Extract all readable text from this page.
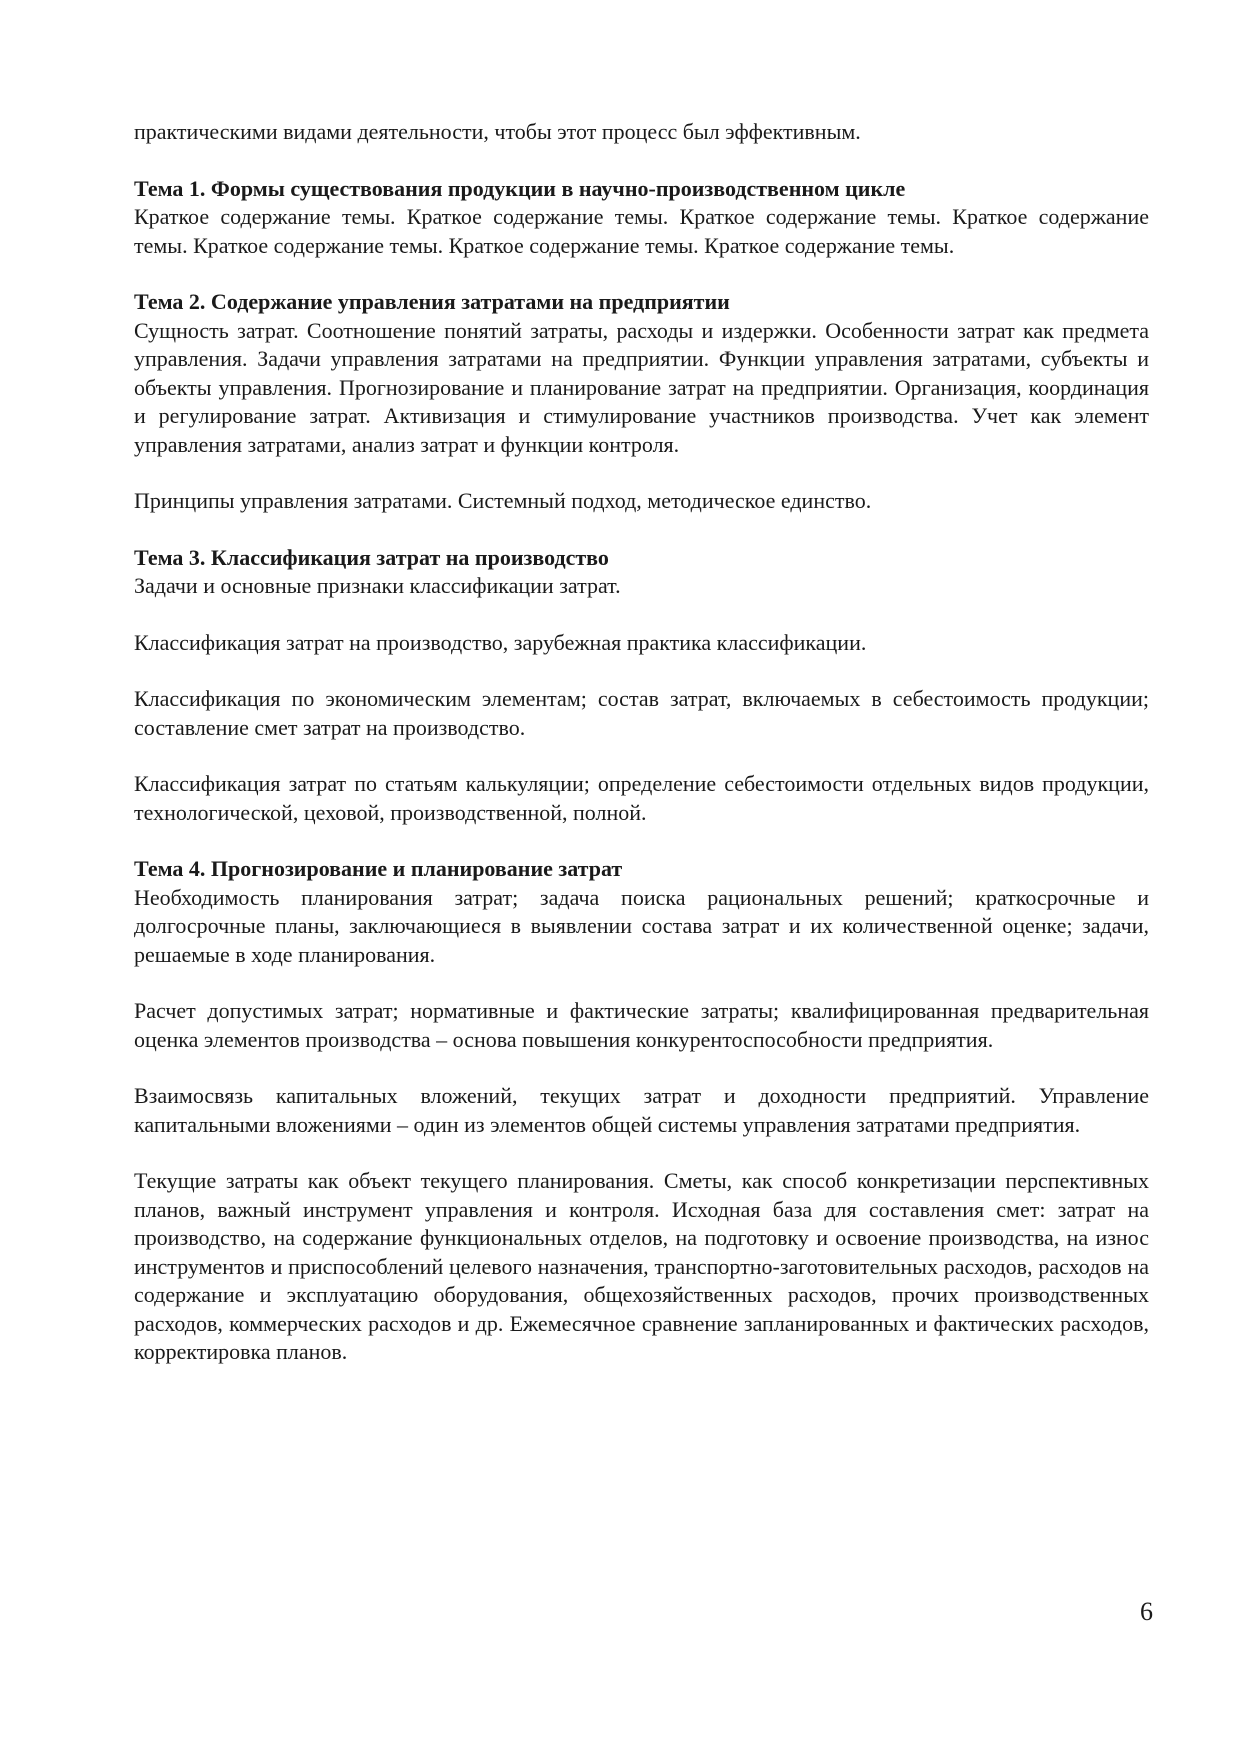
практическими видами деятельности, чтобы этот процесс был эффективным.

Тема 1. Формы существования продукции в научно-производственном цикле

Краткое содержание темы. Краткое содержание темы. Краткое содержание темы. Краткое содержание темы. Краткое содержание темы. Краткое содержание темы. Краткое содержание темы.

Тема 2. Содержание управления затратами на предприятии

Сущность затрат. Соотношение понятий затраты, расходы и издержки. Особенности затрат как предмета управления. Задачи управления затратами на предприятии. Функции управления затратами, субъекты и объекты управления. Прогнозирование и планирование затрат на предприятии. Организация, координация и регулирование затрат. Активизация и стимулирование участников производства. Учет как элемент управления затратами, анализ затрат и функции контроля.

Принципы управления затратами. Системный подход, методическое единство.

Тема 3. Классификация затрат на производство

Задачи и основные признаки классификации затрат.

Классификация затрат на производство, зарубежная практика классификации.

Классификация по экономическим элементам; состав затрат, включаемых в себестоимость продукции; составление смет затрат на производство.

Классификация затрат по статьям калькуляции; определение себестоимости отдельных видов продукции, технологической, цеховой, производственной, полной.

Тема 4. Прогнозирование и планирование затрат

Необходимость планирования затрат; задача поиска рациональных решений; краткосрочные и долгосрочные планы, заключающиеся в выявлении состава затрат и их количественной оценке; задачи, решаемые в ходе планирования.

Расчет допустимых затрат; нормативные и фактические затраты; квалифицированная предварительная оценка элементов производства – основа повышения конкурентоспособности предприятия.

Взаимосвязь капитальных вложений, текущих затрат и доходности предприятий. Управление капитальными вложениями – один из элементов общей системы управления затратами предприятия.

Текущие затраты как объект текущего планирования. Сметы, как способ конкретизации перспективных планов, важный инструмент управления и контроля. Исходная база для составления смет: затрат на производство, на содержание функциональных отделов, на подготовку и освоение производства, на износ инструментов и приспособлений целевого назначения, транспортно-заготовительных расходов, расходов на содержание и эксплуатацию оборудования, общехозяйственных расходов, прочих производственных расходов, коммерческих расходов и др. Ежемесячное сравнение запланированных и фактических расходов, корректировка планов.

6
